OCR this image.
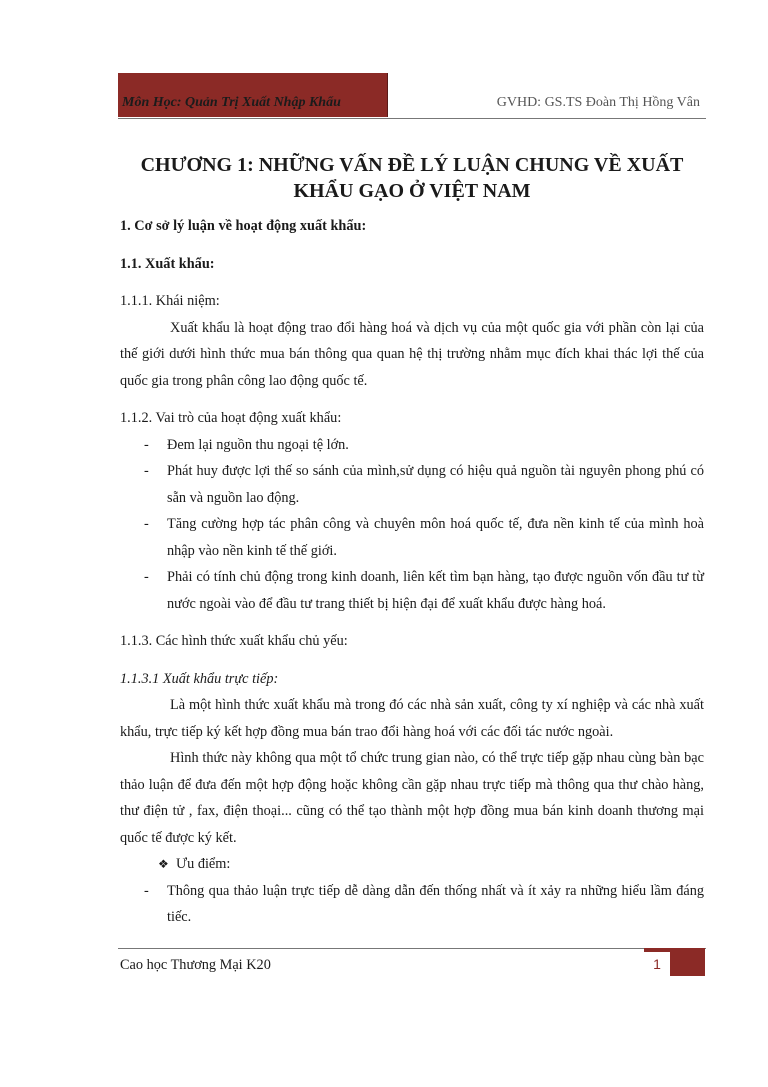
Môn Học: Quản Trị Xuất Nhập Khẩu	GVHD: GS.TS Đoàn Thị Hồng Vân
CHƯƠNG 1: NHỮNG VẤN ĐỀ LÝ LUẬN CHUNG VỀ XUẤT
KHẨU GẠO Ở VIỆT NAM

1. Cơ sở lý luận về hoạt động xuất khẩu:

1.1. Xuất khẩu:

1.1.1. Khái niệm:

Xuất khẩu là hoạt động trao đổi hàng hoá và dịch vụ của một quốc gia với phần còn lại của thế giới dưới hình thức mua bán thông qua quan hệ thị trường nhằm mục đích khai thác lợi thế của quốc gia trong phân công lao động quốc tế.

1.1.2. Vai trò của hoạt động xuất khẩu:

- Đem lại nguồn thu ngoại tệ lớn.
- Phát huy được lợi thế so sánh của mình,sử dụng có hiệu quả nguồn tài nguyên phong phú có sẵn và nguồn lao động.
- Tăng cường hợp tác phân công và chuyên môn hoá quốc tế, đưa nền kinh tế của mình hoà nhập vào nền kinh tế thế giới.
- Phải có tính chủ động trong kinh doanh, liên kết tìm bạn hàng, tạo được nguồn vốn đầu tư từ nước ngoài vào để đầu tư trang thiết bị hiện đại để xuất khẩu được hàng hoá.

1.1.3. Các hình thức xuất khẩu chủ yếu:

1.1.3.1 Xuất khẩu trực tiếp:

Là một hình thức xuất khẩu mà trong đó các nhà sản xuất, công ty xí nghiệp và các nhà xuất khẩu, trực tiếp ký kết hợp đồng mua bán trao đổi hàng hoá với các đối tác nước ngoài.

Hình thức này không qua một tổ chức trung gian nào, có thể trực tiếp gặp nhau cùng bàn bạc thảo luận để đưa đến một hợp động hoặc không cần gặp nhau trực tiếp mà thông qua thư chào hàng, thư điện tử , fax, điện thoại... cũng có thể tạo thành một hợp đồng mua bán kinh doanh thương mại quốc tế được ký kết.

❖ Ưu điểm:
- Thông qua thảo luận trực tiếp dễ dàng dẫn đến thống nhất và ít xảy ra những hiểu lầm đáng tiếc.
Cao học Thương Mại K20	1
